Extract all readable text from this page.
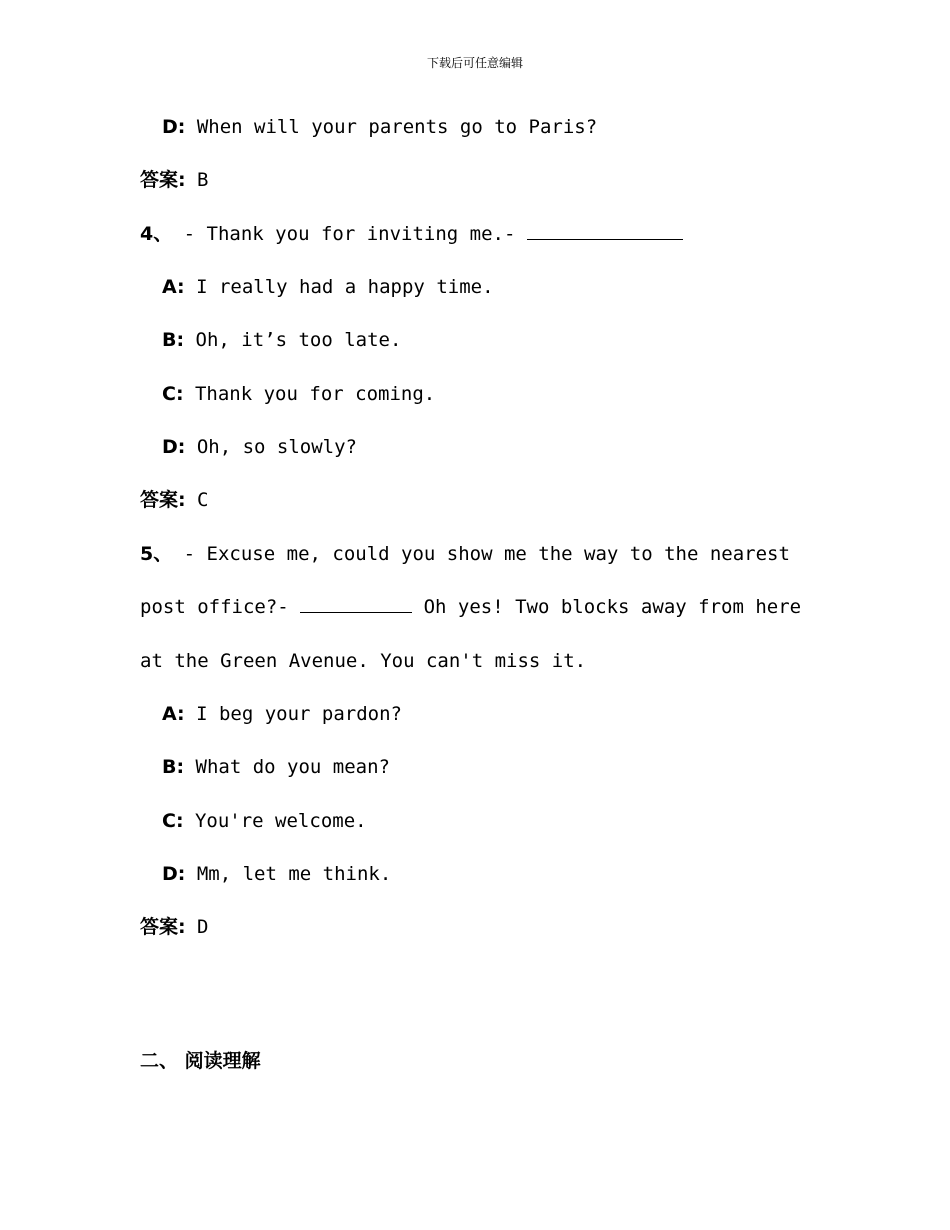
下载后可任意编辑
D: When will your parents go to Paris?
答案: B
4、 - Thank you for inviting me.-
A: I really had a happy time.
B: Oh, it’s too late.
C: Thank you for coming.
D: Oh, so slowly?
答案: C
5、 - Excuse me, could you show me the way to the nearest
post office?-	Oh yes! Two blocks away from here
at the Green Avenue. You can't miss it.
A: I beg your pardon?
B: What do you mean?
C: You're welcome.
D: Mm, let me think.
答案: D
二、 阅读理解
